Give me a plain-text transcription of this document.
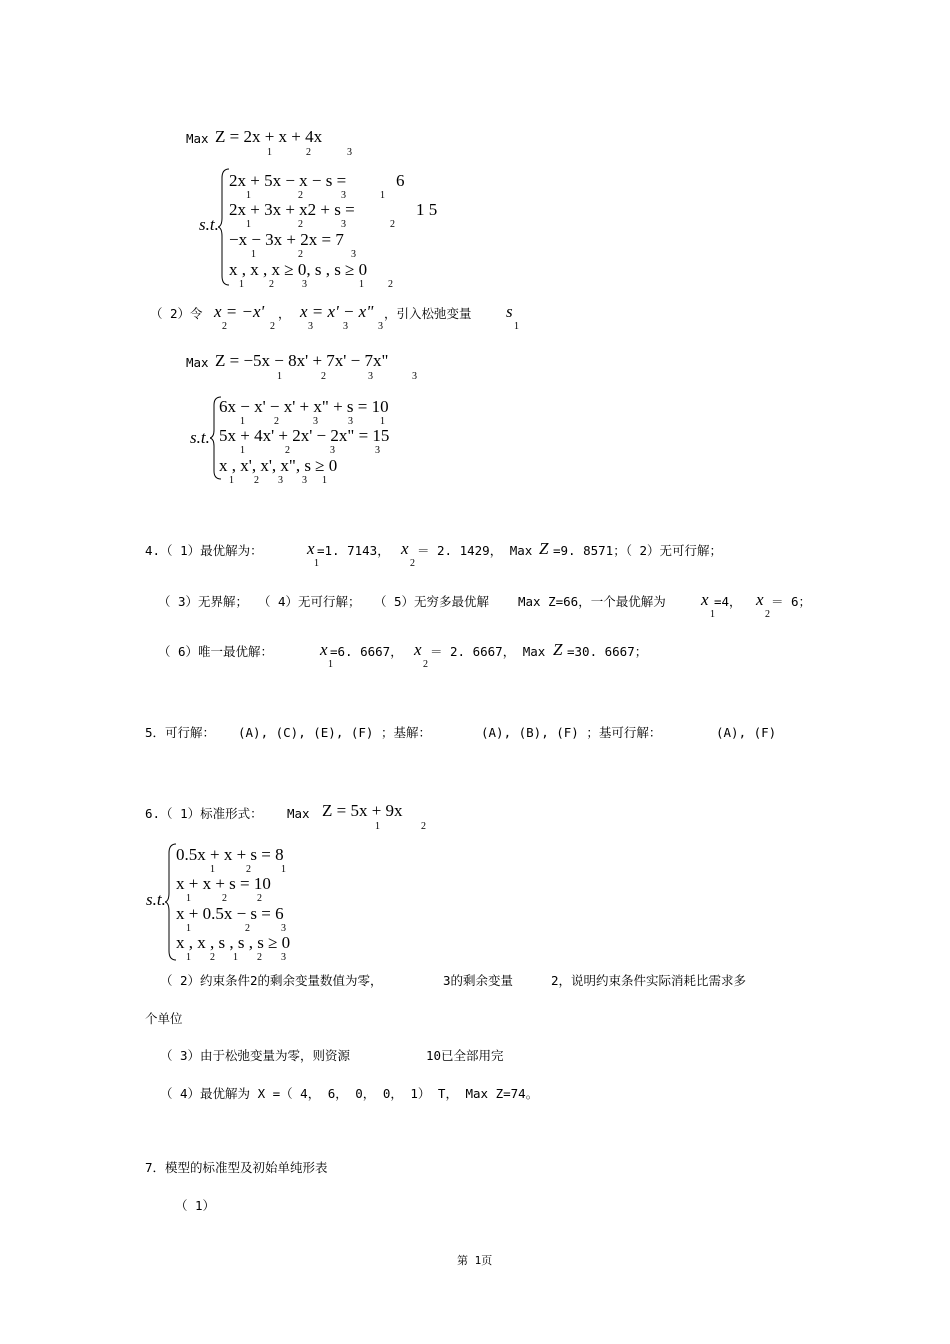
Max Z = 2x + x + 4x
1	2	3
s.t.
2x + 5x − x − s =	6
1	2	3	1
2x + 3x + x2 + s =	1 5
1	2	3	2
−x − 3x + 2x = 7
1	2	3
x , x , x ≥ 0, s , s ≥ 0
1	2	3	1 2
（ 2）令 x = −x'
2	2
， x = x' − x"
3	3	3
，引入松弛变量 s
1
Max Z = −5x − 8x' + 7x' − 7x"
1	2	3	3
s.t.
6x − x' − x' + x" + s = 10
1	2	3	3	1
5x + 4x' + 2x' − 2x" = 15
1	2	3	3
x , x', x', x", s ≥ 0
1 2 3 3 1
4.（ 1）最优解为：	x
1
=1. 7143， x
2
＝ 2. 1429， Max Z =9. 8571；（ 2）无可行解；
（ 3）无界解； （ 4）无可行解； （ 5）无穷多最优解 Max Z=66，一个最优解为 x
1
=4， x
2
＝ 6；
（ 6）唯一最优解：	x
1
=6. 6667， x
2
＝ 2. 6667， Max Z =30. 6667；
5．可行解： (A), (C), (E), (F) ；基解：	(A), (B), (F) ；基可行解：	(A), (F)
6.（ 1）标准形式： Max Z = 5x + 9x
1	2
s.t.
0.5x + x + s = 8
1	2	1
x + x + s = 10
1	2	2
x + 0.5x − s = 6
1	2	3
x , x , s , s , s ≥ 0
1 2 1 2 3
（ 2）约束条件 2的剩余变量数值为零，	3的剩余变量	2，说明约束条件实际消耗比需求多
个单位
（ 3）由于松弛变量为零，则资源	10已全部用完
（ 4）最优解为 X =（ 4， 6， 0， 0， 1） T， Max Z=74。
7．模型的标准型及初始单纯形表
（ 1）
第 1页
